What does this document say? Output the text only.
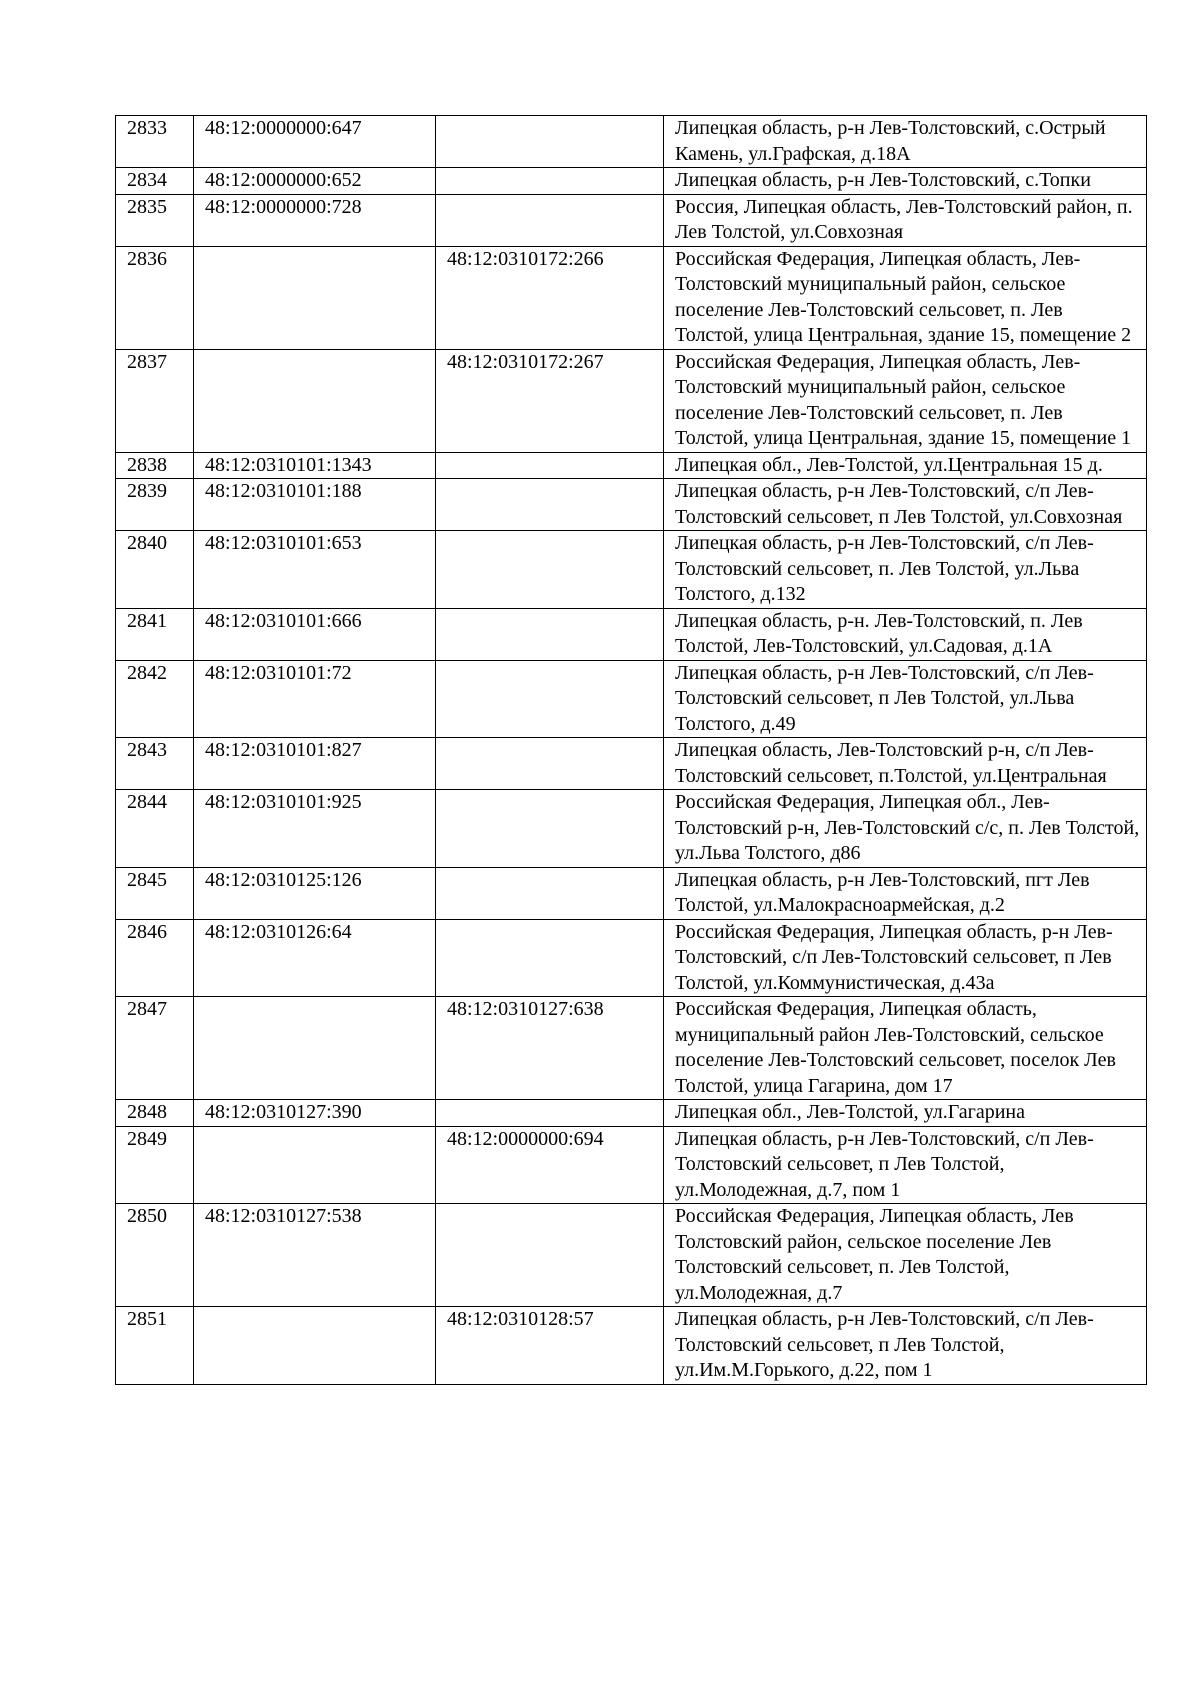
2833	48:12:0000000:647		Липецкая область, р-н Лев-Толстовский, с.Острый Камень, ул.Графская, д.18А
2834	48:12:0000000:652		Липецкая область, р-н Лев-Толстовский, с.Топки
2835	48:12:0000000:728		Россия, Липецкая область, Лев-Толстовский район, п. Лев Толстой, ул.Совхозная
2836		48:12:0310172:266	Российская Федерация, Липецкая область, Лев-Толстовский муниципальный район, сельское поселение Лев-Толстовский сельсовет, п. Лев Толстой, улица Центральная, здание 15, помещение 2
2837		48:12:0310172:267	Российская Федерация, Липецкая область, Лев-Толстовский муниципальный район, сельское поселение Лев-Толстовский сельсовет, п. Лев Толстой, улица Центральная, здание 15, помещение 1
2838	48:12:0310101:1343		Липецкая обл., Лев-Толстой, ул.Центральная 15 д.
2839	48:12:0310101:188		Липецкая область, р-н Лев-Толстовский, с/п Лев-Толстовский сельсовет, п Лев Толстой, ул.Совхозная
2840	48:12:0310101:653		Липецкая область, р-н Лев-Толстовский, с/п Лев-Толстовский сельсовет, п. Лев Толстой, ул.Льва Толстого, д.132
2841	48:12:0310101:666		Липецкая область, р-н. Лев-Толстовский, п. Лев Толстой, Лев-Толстовский, ул.Садовая, д.1А
2842	48:12:0310101:72		Липецкая область, р-н Лев-Толстовский, с/п Лев-Толстовский сельсовет, п Лев Толстой, ул.Льва Толстого, д.49
2843	48:12:0310101:827		Липецкая область, Лев-Толстовский р-н, с/п Лев-Толстовский сельсовет, п.Толстой, ул.Центральная
2844	48:12:0310101:925		Российская Федерация, Липецкая обл., Лев-Толстовский р-н, Лев-Толстовский с/с, п. Лев Толстой, ул.Льва Толстого, д86
2845	48:12:0310125:126		Липецкая область, р-н Лев-Толстовский, пгт Лев Толстой, ул.Малокрасноармейская, д.2
2846	48:12:0310126:64		Российская Федерация, Липецкая область, р-н Лев-Толстовский, с/п Лев-Толстовский сельсовет, п Лев Толстой, ул.Коммунистическая, д.43а
2847		48:12:0310127:638	Российская Федерация, Липецкая область, муниципальный район Лев-Толстовский, сельское поселение Лев-Толстовский сельсовет, поселок Лев Толстой, улица Гагарина, дом 17
2848	48:12:0310127:390		Липецкая обл., Лев-Толстой, ул.Гагарина
2849		48:12:0000000:694	Липецкая область, р-н Лев-Толстовский, с/п Лев-Толстовский сельсовет, п Лев Толстой, ул.Молодежная, д.7, пом 1
2850	48:12:0310127:538		Российская Федерация, Липецкая область, Лев Толстовский район, сельское поселение Лев Толстовский сельсовет, п. Лев Толстой, ул.Молодежная, д.7
2851		48:12:0310128:57	Липецкая область, р-н Лев-Толстовский, с/п Лев-Толстовский сельсовет, п Лев Толстой, ул.Им.М.Горького, д.22, пом 1
